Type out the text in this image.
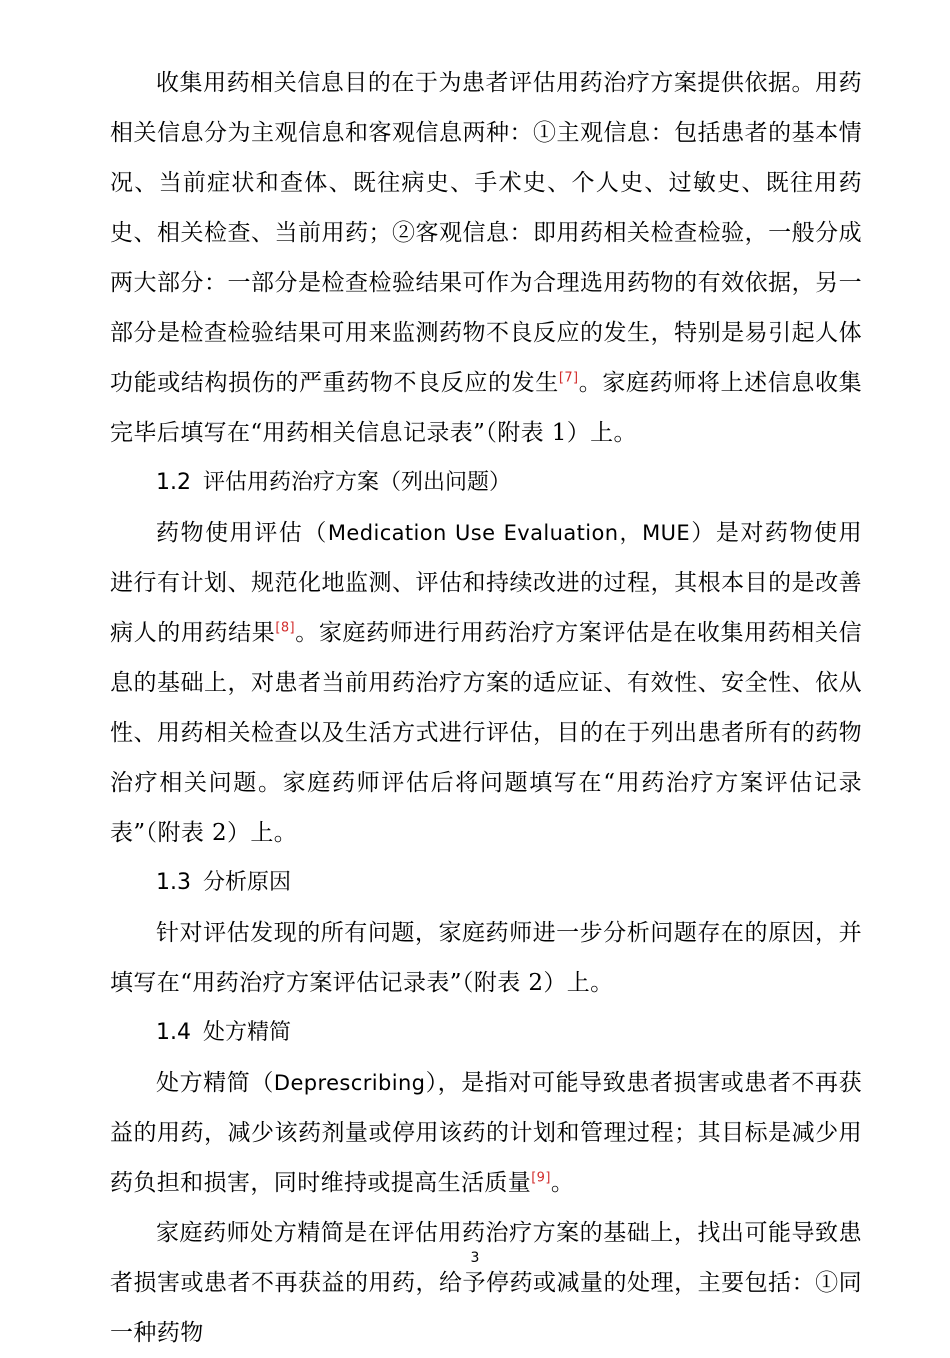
收集用药相关信息目的在于为患者评估用药治疗方案提供依据。用药相关信息分为主观信息和客观信息两种：①主观信息：包括患者的基本情况、当前症状和查体、既往病史、手术史、个人史、过敏史、既往用药史、相关检查、当前用药；②客观信息：即用药相关检查检验，一般分成两大部分：一部分是检查检验结果可作为合理选用药物的有效依据，另一部分是检查检验结果可用来监测药物不良反应的发生，特别是易引起人体功能或结构损伤的严重药物不良反应的发生[7]。家庭药师将上述信息收集完毕后填写在“用药相关信息记录表”（附表 1）上。

1.2 评估用药治疗方案（列出问题）

药物使用评估（Medication Use Evaluation，MUE）是对药物使用进行有计划、规范化地监测、评估和持续改进的过程，其根本目的是改善病人的用药结果[8]。家庭药师进行用药治疗方案评估是在收集用药相关信息的基础上，对患者当前用药治疗方案的适应证、有效性、安全性、依从性、用药相关检查以及生活方式进行评估，目的在于列出患者所有的药物治疗相关问题。家庭药师评估后将问题填写在“用药治疗方案评估记录表”（附表 2）上。

1.3 分析原因

针对评估发现的所有问题，家庭药师进一步分析问题存在的原因，并填写在“用药治疗方案评估记录表”（附表 2）上。

1.4 处方精简

处方精简（Deprescribing），是指对可能导致患者损害或患者不再获益的用药，减少该药剂量或停用该药的计划和管理过程；其目标是减少用药负担和损害，同时维持或提高生活质量[9]。

家庭药师处方精简是在评估用药治疗方案的基础上，找出可能导致患者损害或患者不再获益的用药，给予停药或减量的处理，主要包括：①同一种药物

3
